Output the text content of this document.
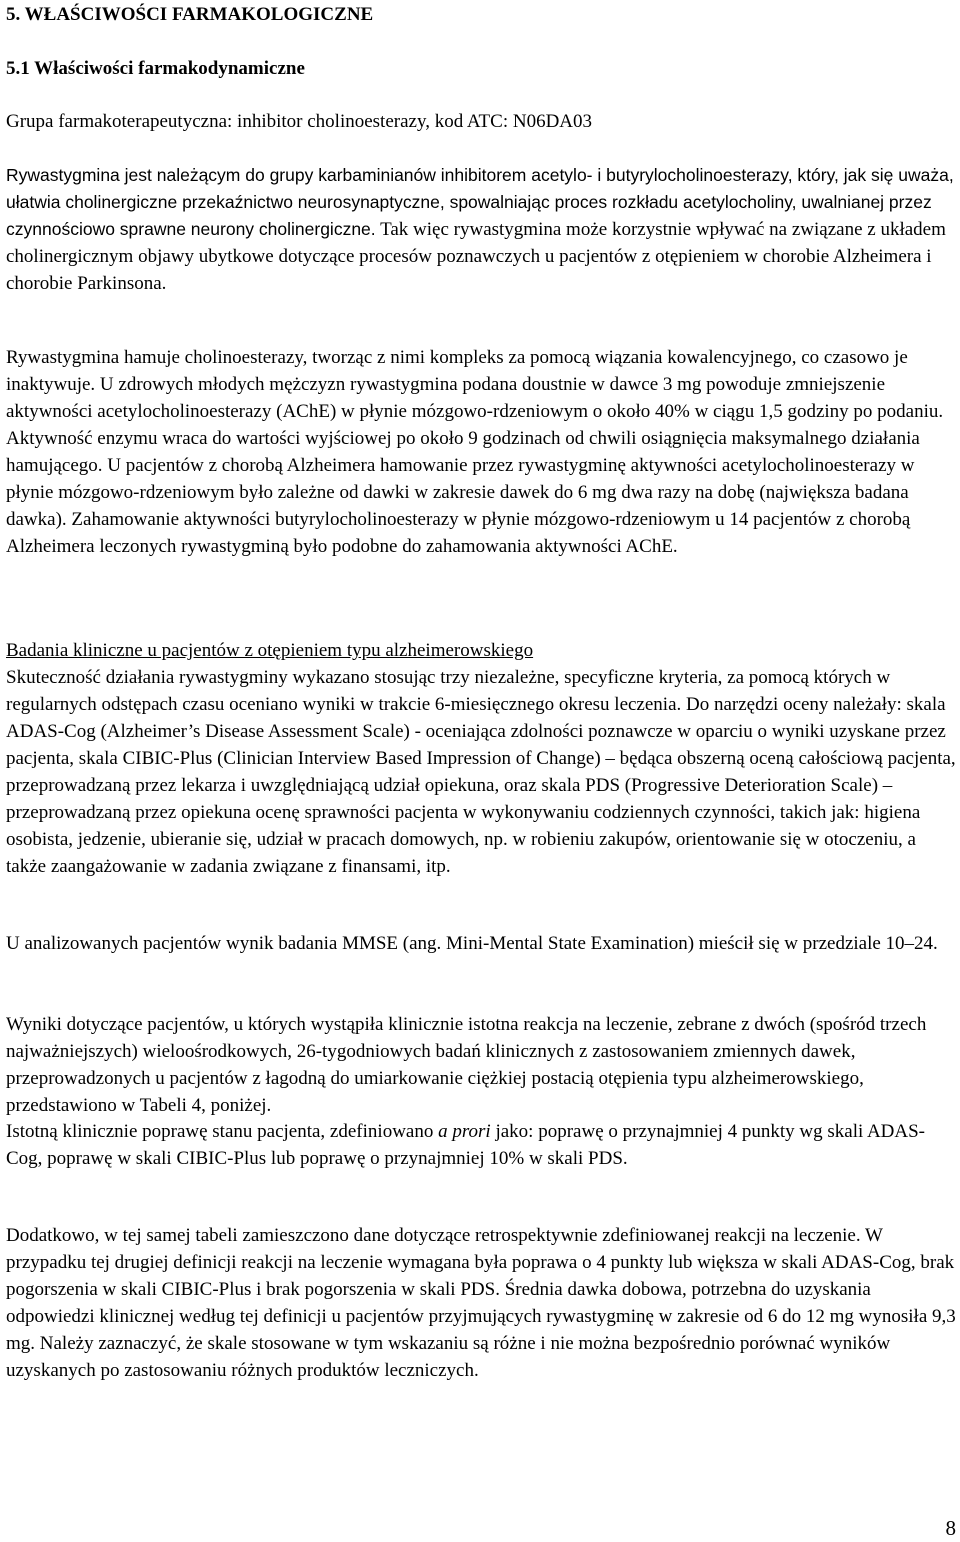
5. WŁAŚCIWOŚCI FARMAKOLOGICZNE
5.1 Właściwości farmakodynamiczne
Grupa farmakoterapeutyczna: inhibitor cholinoesterazy, kod ATC: N06DA03
Rywastygmina jest należącym do grupy karbaminianów inhibitorem acetylo- i butyrylocholinoesterazy, który, jak się uważa, ułatwia cholinergiczne przekaźnictwo neurosynaptyczne, spowalniając proces rozkładu acetylocholiny, uwalnianej przez czynnościowo sprawne neurony cholinergiczne. Tak więc rywastygmina może korzystnie wpływać na związane z układem cholinergicznym objawy ubytkowe dotyczące procesów poznawczych u pacjentów z otępieniem w chorobie Alzheimera i chorobie Parkinsona.
Rywastygmina hamuje cholinoesterazy, tworząc z nimi kompleks za pomocą wiązania kowalencyjnego, co czasowo je inaktywuje. U zdrowych młodych mężczyzn rywastygmina podana doustnie w dawce 3 mg powoduje zmniejszenie aktywności acetylocholinoesterazy (AChE) w płynie mózgowo-rdzeniowym o około 40% w ciągu 1,5 godziny po podaniu. Aktywność enzymu wraca do wartości wyjściowej po około 9 godzinach od chwili osiągnięcia maksymalnego działania hamującego. U pacjentów z chorobą Alzheimera hamowanie przez rywastygminę aktywności acetylocholinoesterazy w płynie mózgowo-rdzeniowym było zależne od dawki w zakresie dawek do 6 mg dwa razy na dobę (największa badana dawka). Zahamowanie aktywności butyrylocholinoesterazy w płynie mózgowo-rdzeniowym u 14 pacjentów z chorobą Alzheimera leczonych rywastygminą było podobne do zahamowania aktywności AChE.
Badania kliniczne u pacjentów z otępieniem typu alzheimerowskiego
Skuteczność działania rywastygminy wykazano stosując trzy niezależne, specyficzne kryteria, za pomocą których w regularnych odstępach czasu oceniano wyniki w trakcie 6-miesięcznego okresu leczenia. Do narzędzi oceny należały: skala ADAS-Cog (Alzheimer’s Disease Assessment Scale) - oceniająca zdolności poznawcze w oparciu o wyniki uzyskane przez pacjenta, skala CIBIC-Plus (Clinician Interview Based Impression of Change) – będąca obszerną oceną całościową pacjenta, przeprowadzaną przez lekarza i uwzględniającą udział opiekuna, oraz skala PDS (Progressive Deterioration Scale) – przeprowadzaną przez opiekuna ocenę sprawności pacjenta w wykonywaniu codziennych czynności, takich jak: higiena osobista, jedzenie, ubieranie się, udział w pracach domowych, np. w robieniu zakupów, orientowanie się w otoczeniu, a także zaangażowanie w zadania związane z finansami, itp.
U analizowanych pacjentów wynik badania MMSE (ang. Mini-Mental State Examination) mieścił się w przedziale 10–24.
Wyniki dotyczące pacjentów, u których wystąpiła klinicznie istotna reakcja na leczenie, zebrane z dwóch (spośród trzech najważniejszych) wieloośrodkowych, 26-tygodniowych badań klinicznych z zastosowaniem zmiennych dawek, przeprowadzonych u pacjentów z łagodną do umiarkowanie ciężkiej postacią otępienia typu alzheimerowskiego, przedstawiono w Tabeli 4, poniżej.
Istotną klinicznie poprawę stanu pacjenta, zdefiniowano a prori jako: poprawę o przynajmniej 4 punkty wg skali ADAS-Cog, poprawę w skali CIBIC-Plus lub poprawę o przynajmniej 10% w skali PDS.
Dodatkowo, w tej samej tabeli zamieszczono dane dotyczące retrospektywnie zdefiniowanej reakcji na leczenie. W przypadku tej drugiej definicji reakcji na leczenie wymagana była poprawa o 4 punkty lub większa w skali ADAS-Cog, brak pogorszenia w skali CIBIC-Plus i brak pogorszenia w skali PDS. Średnia dawka dobowa, potrzebna do uzyskania odpowiedzi klinicznej według tej definicji u pacjentów przyjmujących rywastygminę w zakresie od 6 do 12 mg wynosiła 9,3 mg. Należy zaznaczyć, że skale stosowane w tym wskazaniu są różne i nie można bezpośrednio porównać wyników uzyskanych po zastosowaniu różnych produktów leczniczych.
8
